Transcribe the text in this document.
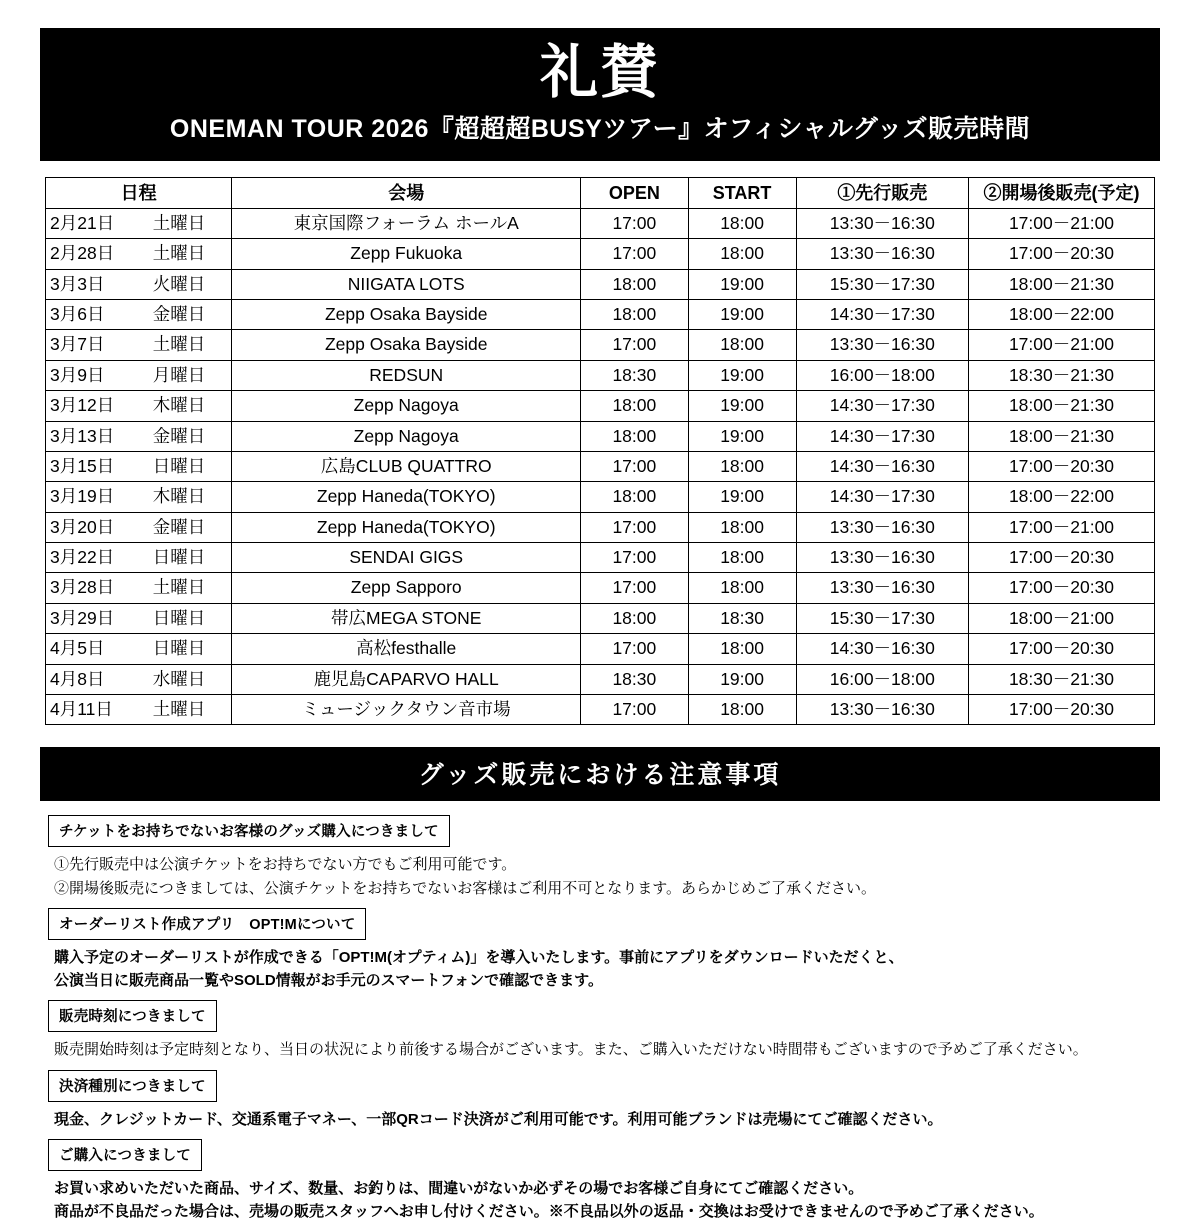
礼賛
ONEMAN TOUR 2026『超超超BUSYツアー』オフィシャルグッズ販売時間
日程	会場	OPEN	START	①先行販売	②開場後販売(予定)

2月21日 土曜日	東京国際フォーラム ホールA	17:00	18:00	13:30－16:30	17:00－21:00

2月28日 土曜日	Zepp Fukuoka	17:00	18:00	13:30－16:30	17:00－20:30

3月3日 火曜日	NIIGATA LOTS	18:00	19:00	15:30－17:30	18:00－21:30

3月6日 金曜日	Zepp Osaka Bayside	18:00	19:00	14:30－17:30	18:00－22:00

3月7日 土曜日	Zepp Osaka Bayside	17:00	18:00	13:30－16:30	17:00－21:00

3月9日 月曜日	REDSUN	18:30	19:00	16:00－18:00	18:30－21:30

3月12日 木曜日	Zepp Nagoya	18:00	19:00	14:30－17:30	18:00－21:30

3月13日 金曜日	Zepp Nagoya	18:00	19:00	14:30－17:30	18:00－21:30

3月15日 日曜日	広島CLUB QUATTRO	17:00	18:00	14:30－16:30	17:00－20:30

3月19日 木曜日	Zepp Haneda(TOKYO)	18:00	19:00	14:30－17:30	18:00－22:00

3月20日 金曜日	Zepp Haneda(TOKYO)	17:00	18:00	13:30－16:30	17:00－21:00

3月22日 日曜日	SENDAI GIGS	17:00	18:00	13:30－16:30	17:00－20:30

3月28日 土曜日	Zepp Sapporo	17:00	18:00	13:30－16:30	17:00－20:30

3月29日 日曜日	帯広MEGA STONE	18:00	18:30	15:30－17:30	18:00－21:00

4月5日 日曜日	高松festhalle	17:00	18:00	14:30－16:30	17:00－20:30

4月8日 水曜日	鹿児島CAPARVO HALL	18:30	19:00	16:00－18:00	18:30－21:30

4月11日 土曜日	ミュージックタウン音市場	17:00	18:00	13:30－16:30	17:00－20:30
グッズ販売における注意事項
チケットをお持ちでないお客様のグッズ購入につきまして
①先行販売中は公演チケットをお持ちでない方でもご利用可能です。
②開場後販売につきましては、公演チケットをお持ちでないお客様はご利用不可となります。あらかじめご了承ください。
オーダーリスト作成アプリ　OPT!Mについて
購入予定のオーダーリストが作成できる「OPT!M(オプティム)」を導入いたします。事前にアプリをダウンロードいただくと、
公演当日に販売商品一覧やSOLD情報がお手元のスマートフォンで確認できます。
販売時刻につきまして
販売開始時刻は予定時刻となり、当日の状況により前後する場合がございます。また、ご購入いただけない時間帯もございますので予めご了承ください。
決済種別につきまして
現金、クレジットカード、交通系電子マネー、一部QRコード決済がご利用可能です。利用可能ブランドは売場にてご確認ください。
ご購入につきまして
お買い求めいただいた商品、サイズ、数量、お釣りは、間違いがないか必ずその場でお客様ご自身にてご確認ください。
商品が不良品だった場合は、売場の販売スタッフへお申し付けください。※不良品以外の返品・交換はお受けできませんので予めご了承ください。
